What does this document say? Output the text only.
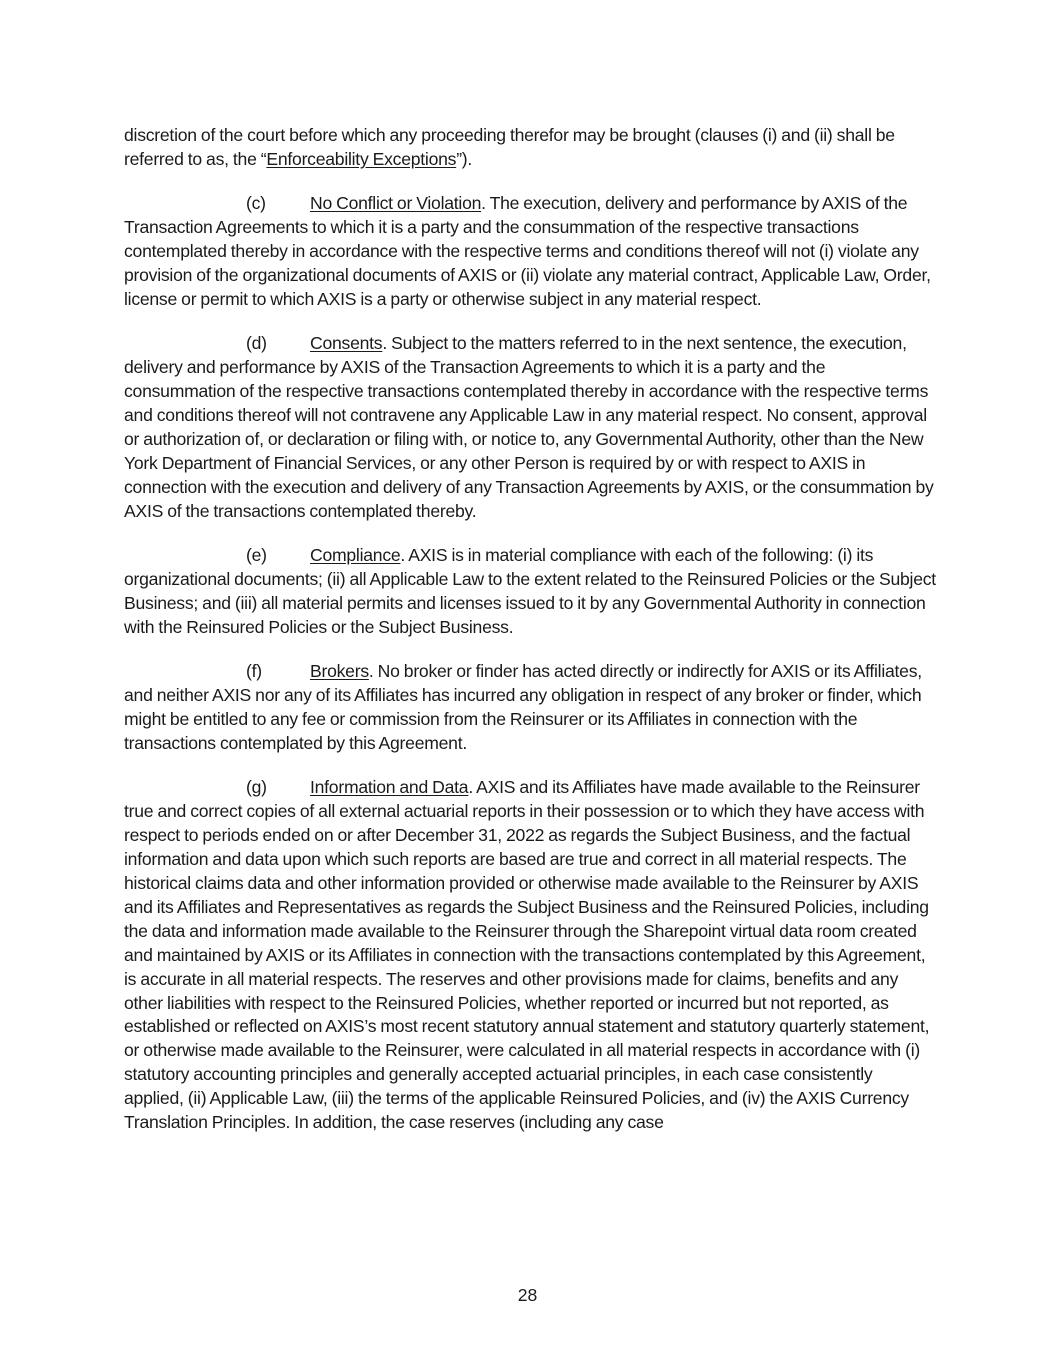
discretion of the court before which any proceeding therefor may be brought (clauses (i) and (ii) shall be referred to as, the “Enforceability Exceptions”).

(c)	No Conflict or Violation. The execution, delivery and performance by AXIS of the Transaction Agreements to which it is a party and the consummation of the respective transactions contemplated thereby in accordance with the respective terms and conditions thereof will not (i) violate any provision of the organizational documents of AXIS or (ii) violate any material contract, Applicable Law, Order, license or permit to which AXIS is a party or otherwise subject in any material respect.

(d) Consents. Subject to the matters referred to in the next sentence, the execution, delivery and performance by AXIS of the Transaction Agreements to which it is a party and the consummation of the respective transactions contemplated thereby in accordance with the respective terms and conditions thereof will not contravene any Applicable Law in any material respect. No consent, approval or authorization of, or declaration or filing with, or notice to, any Governmental Authority, other than the New York Department of Financial Services, or any other Person is required by or with respect to AXIS in connection with the execution and delivery of any Transaction Agreements by AXIS, or the consummation by AXIS of the transactions contemplated thereby.

(e) Compliance. AXIS is in material compliance with each of the following: (i) its organizational documents; (ii) all Applicable Law to the extent related to the Reinsured Policies or the Subject Business; and (iii) all material permits and licenses issued to it by any Governmental Authority in connection with the Reinsured Policies or the Subject Business.

(f)	Brokers. No broker or finder has acted directly or indirectly for AXIS or its Affiliates, and neither AXIS nor any of its Affiliates has incurred any obligation in respect of any broker or finder, which might be entitled to any fee or commission from the Reinsurer or its Affiliates in connection with the transactions contemplated by this Agreement.

(g) Information and Data. AXIS and its Affiliates have made available to the Reinsurer true and correct copies of all external actuarial reports in their possession or to which they have access with respect to periods ended on or after December 31, 2022 as regards the Subject Business, and the factual information and data upon which such reports are based are true and correct in all material respects. The historical claims data and other information provided or otherwise made available to the Reinsurer by AXIS and its Affiliates and Representatives as regards the Subject Business and the Reinsured Policies, including the data and information made available to the Reinsurer through the Sharepoint virtual data room created and maintained by AXIS or its Affiliates in connection with the transactions contemplated by this Agreement, is accurate in all material respects. The reserves and other provisions made for claims, benefits and any other liabilities with respect to the Reinsured Policies, whether reported or incurred but not reported, as established or reflected on AXIS’s most recent statutory annual statement and statutory quarterly statement, or otherwise made available to the Reinsurer, were calculated in all material respects in accordance with (i) statutory accounting principles and generally accepted actuarial principles, in each case consistently applied, (ii) Applicable Law, (iii) the terms of the applicable Reinsured Policies, and (iv) the AXIS Currency Translation Principles. In addition, the case reserves (including any case

28
